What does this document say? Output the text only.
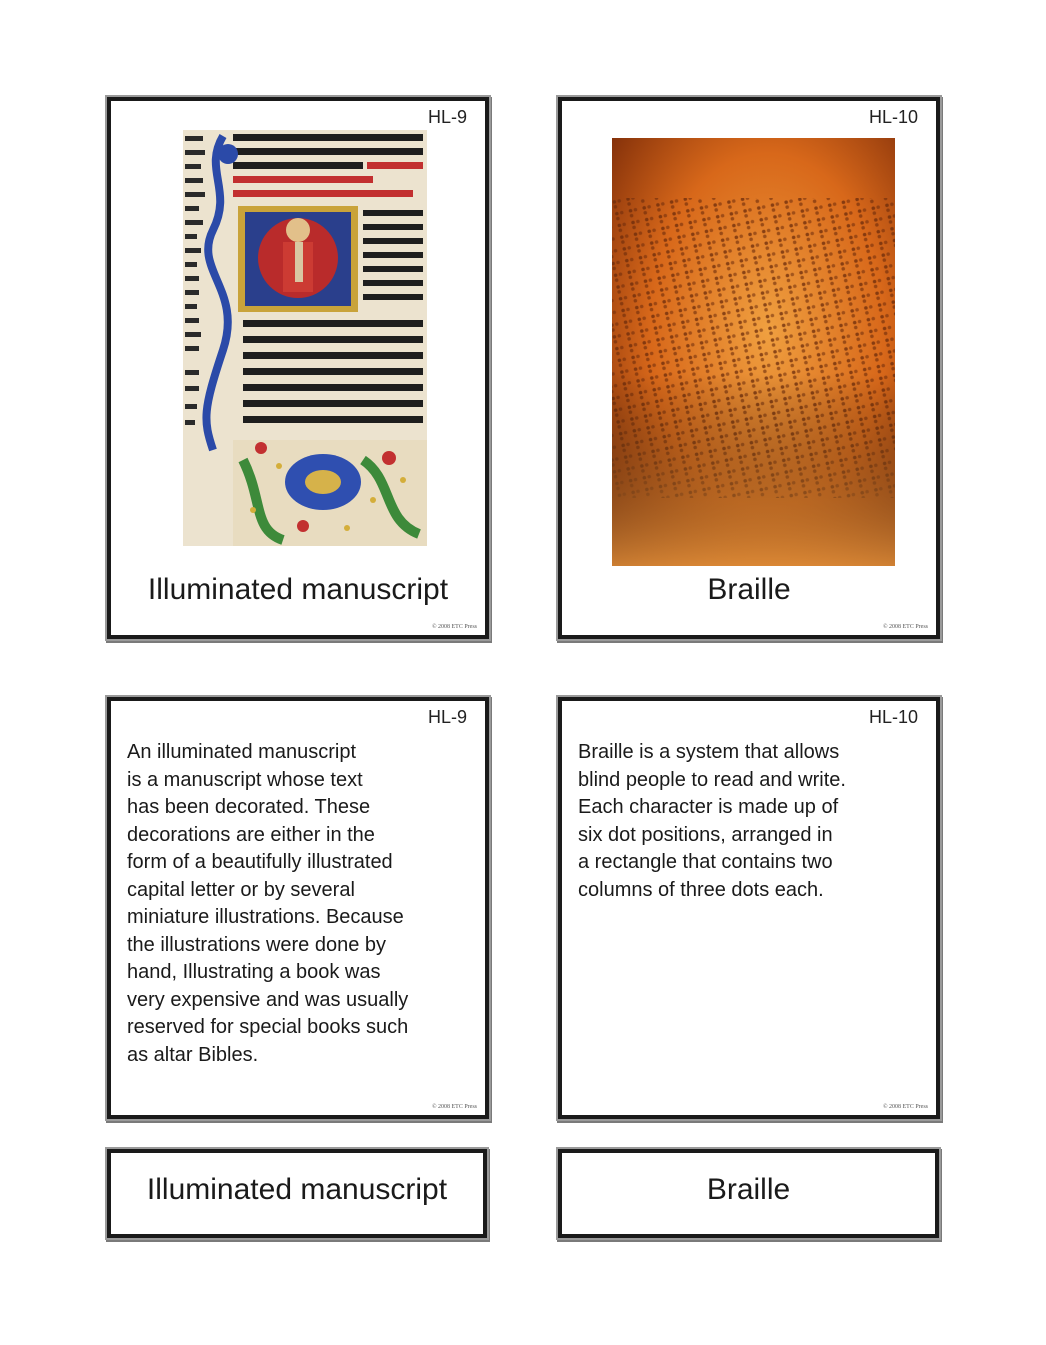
HL-9
Illuminated manuscript
© 2008 ETC Press
HL-10
Braille
© 2008 ETC Press
HL-9
An illuminated manuscript
is a manuscript whose text
has been decorated. These
decorations are either in the
form of a beautifully illustrated
capital letter or by several
miniature illustrations. Because
the illustrations were done by
hand, Illustrating a book was
very expensive and was usually
reserved for special books such
as altar Bibles.
© 2008 ETC Press
HL-10
Braille is a system that allows
blind people to read and write.
Each character is made up of
six dot positions, arranged in
a rectangle that contains two
columns of three dots each.
© 2008 ETC Press
Illuminated manuscript	Braille
